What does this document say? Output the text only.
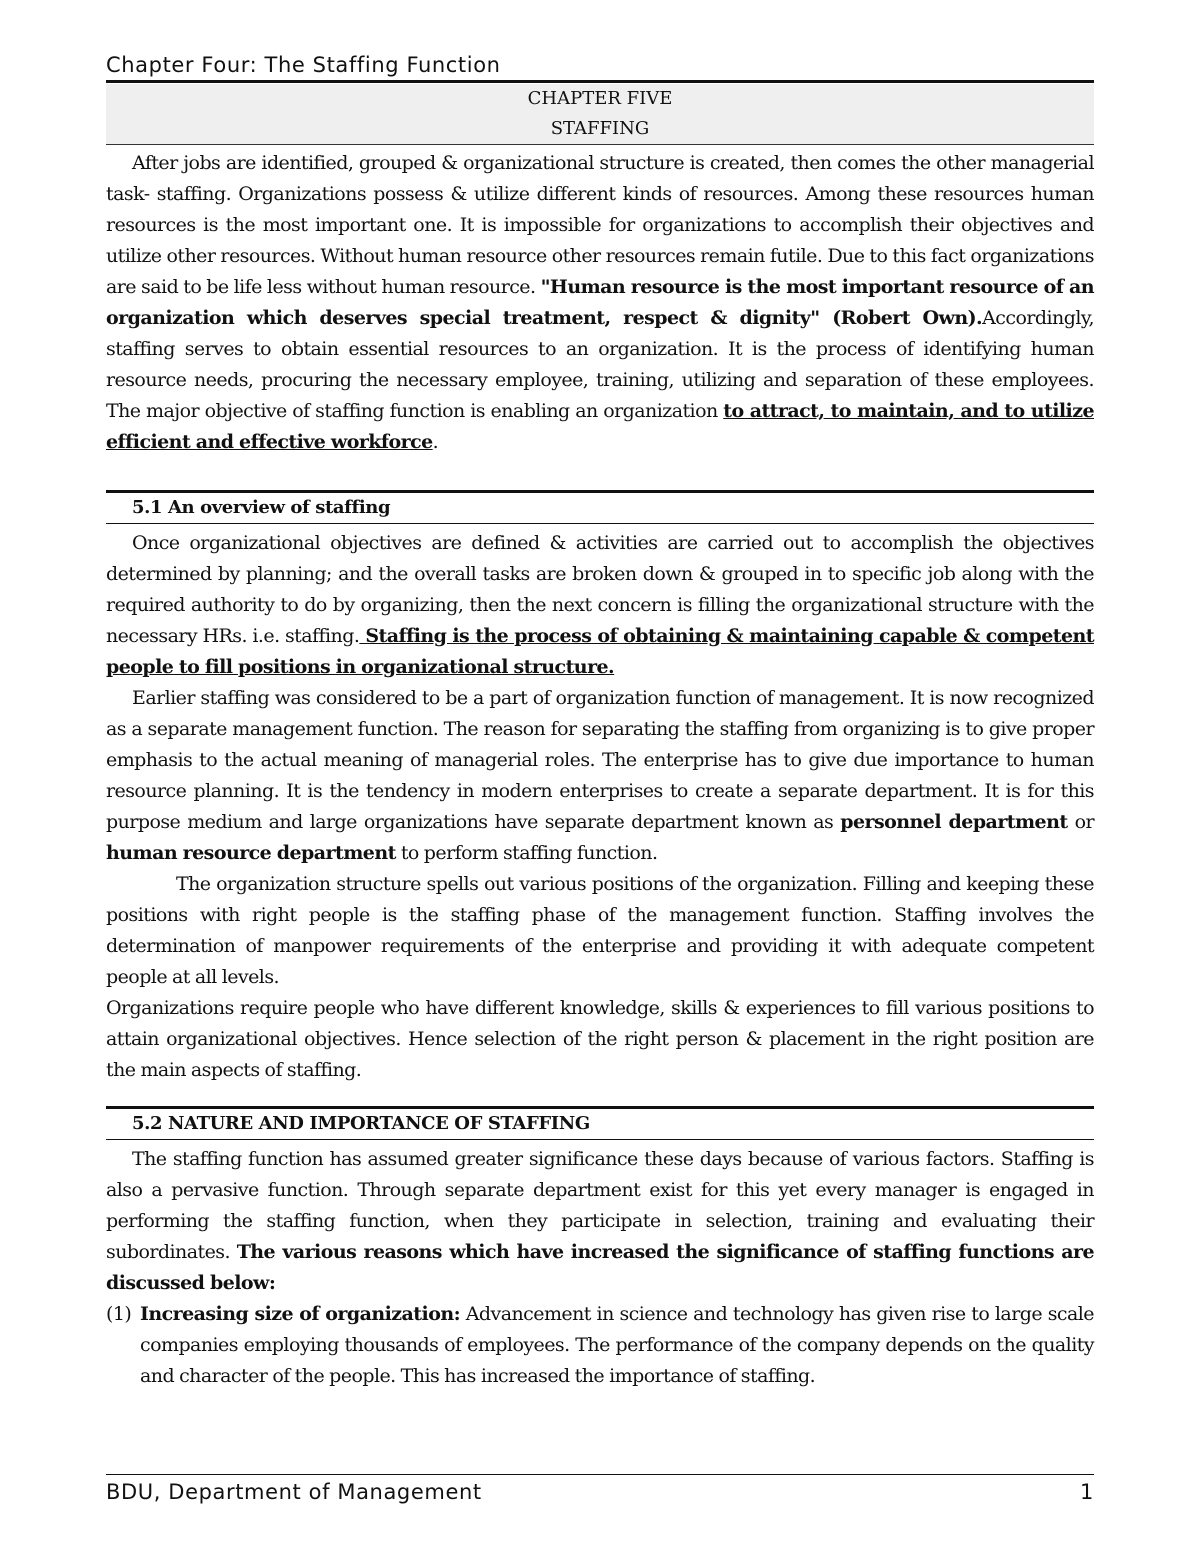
Chapter Four: The Staffing Function
CHAPTER FIVE
STAFFING

After jobs are identified, grouped & organizational structure is created, then comes the other managerial task- staffing. Organizations possess & utilize different kinds of resources. Among these resources human resources is the most important one. It is impossible for organizations to accomplish their objectives and utilize other resources. Without human resource other resources remain futile. Due to this fact organizations are said to be life less without human resource. "Human resource is the most important resource of an organization which deserves special treatment, respect & dignity" (Robert Own).Accordingly, staffing serves to obtain essential resources to an organization. It is the process of identifying human resource needs, procuring the necessary employee, training, utilizing and separation of these employees. The major objective of staffing function is enabling an organization to attract, to maintain, and to utilize efficient and effective workforce.

5.1 An overview of staffing

Once organizational objectives are defined & activities are carried out to accomplish the objectives determined by planning; and the overall tasks are broken down & grouped in to specific job along with the required authority to do by organizing, then the next concern is filling the organizational structure with the necessary HRs. i.e. staffing. Staffing is the process of obtaining & maintaining capable & competent people to fill positions in organizational structure.

Earlier staffing was considered to be a part of organization function of management. It is now recognized as a separate management function. The reason for separating the staffing from organizing is to give proper emphasis to the actual meaning of managerial roles. The enterprise has to give due importance to human resource planning. It is the tendency in modern enterprises to create a separate department. It is for this purpose medium and large organizations have separate department known as personnel department or human resource department to perform staffing function.

The organization structure spells out various positions of the organization. Filling and keeping these positions with right people is the staffing phase of the management function. Staffing involves the determination of manpower requirements of the enterprise and providing it with adequate competent people at all levels.

Organizations require people who have different knowledge, skills & experiences to fill various positions to attain organizational objectives. Hence selection of the right person & placement in the right position are the main aspects of staffing.

5.2 NATURE AND IMPORTANCE OF STAFFING

The staffing function has assumed greater significance these days because of various factors. Staffing is also a pervasive function. Through separate department exist for this yet every manager is engaged in performing the staffing function, when they participate in selection, training and evaluating their subordinates. The various reasons which have increased the significance of staffing functions are discussed below:

(1) Increasing size of organization: Advancement in science and technology has given rise to large scale companies employing thousands of employees. The performance of the company depends on the quality and character of the people. This has increased the importance of staffing.
BDU, Department of Management	1
